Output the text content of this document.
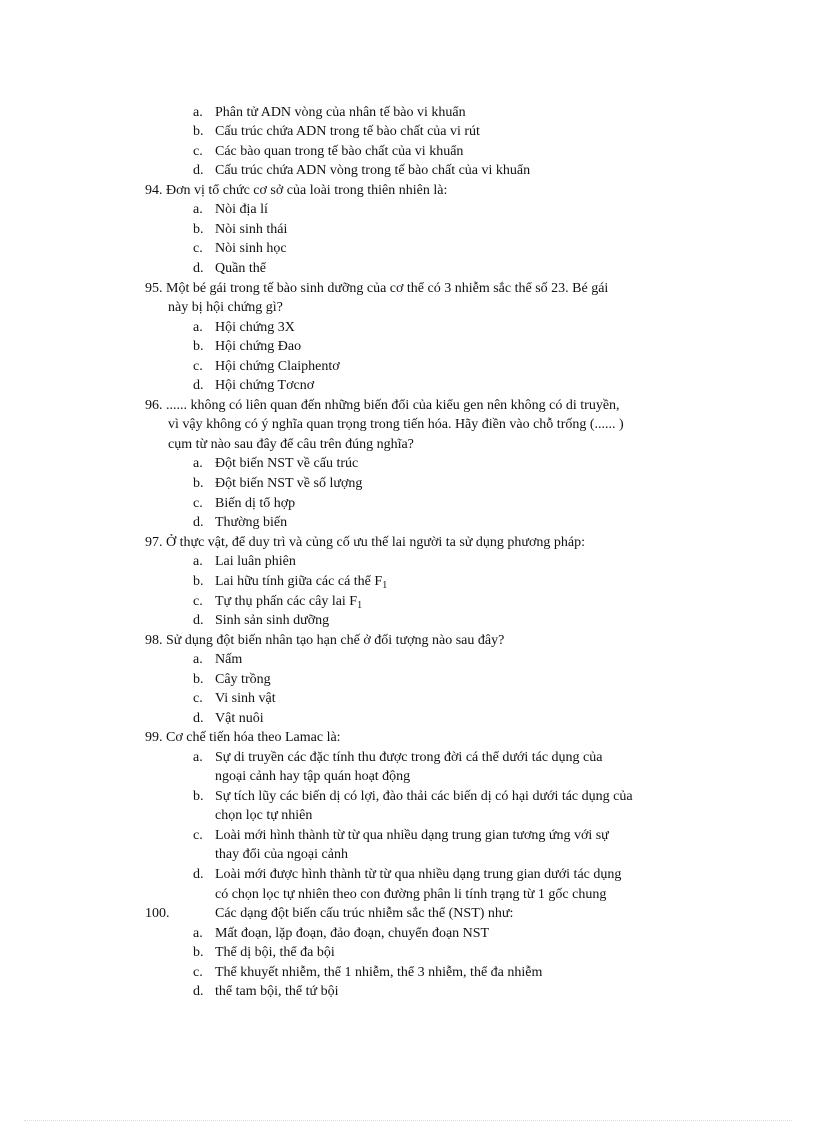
a. Phân tử ADN vòng của nhân tế bào vi khuẩn
b. Cấu trúc chứa ADN trong tế bào chất của vi rút
c. Các bào quan trong tế bào chất của vi khuẩn
d. Cấu trúc chứa ADN vòng trong tế bào chất của vi khuẩn
94. Đơn vị tổ chức cơ sở của loài trong thiên nhiên là:
a. Nòi địa lí
b. Nòi sinh thái
c. Nòi sinh học
d. Quần thể
95. Một bé gái trong tế bào sinh dưỡng của cơ thể có 3 nhiễm sắc thể số 23. Bé gái
này bị hội chứng gì?
a. Hội chứng 3X
b. Hội chứng Đao
c. Hội chứng Claiphentơ
d. Hội chứng Tơcnơ
96. ...... không có liên quan đến những biến đổi của kiểu gen nên không có di truyền,
vì vậy không có ý nghĩa quan trọng trong tiến hóa. Hãy điền vào chỗ trống (...... )
cụm từ nào sau đây để câu trên đúng nghĩa?
a. Đột biến NST về cấu trúc
b. Đột biến NST về số lượng
c. Biến dị tổ hợp
d. Thường biến
97. Ở thực vật, để duy trì và củng cố ưu thế lai người ta sử dụng phương pháp:
a. Lai luân phiên
b. Lai hữu tính giữa các cá thể $F_1$
c. Tự thụ phấn các cây lai $F_1$
d. Sinh sản sinh dưỡng
98. Sử dụng đột biến nhân tạo hạn chế ở đối tượng nào sau đây?
a. Nấm
b. Cây trồng
c. Vi sinh vật
d. Vật nuôi
99. Cơ chế tiến hóa theo Lamac là:
a. Sự di truyền các đặc tính thu được trong đời cá thể dưới tác dụng của
ngoại cảnh hay tập quán hoạt động
b. Sự tích lũy các biến dị có lợi, đào thải các biến dị có hại dưới tác dụng của
chọn lọc tự nhiên
c. Loài mới hình thành từ từ qua nhiều dạng trung gian tương ứng với sự
thay đổi của ngoại cảnh
d. Loài mới được hình thành từ từ qua nhiều dạng trung gian dưới tác dụng
có chọn lọc tự nhiên theo con đường phân li tính trạng từ 1 gốc chung
100.	Các dạng đột biến cấu trúc nhiễm sắc thể (NST) như:
a. Mất đoạn, lặp đoạn, đảo đoạn, chuyển đoạn NST
b. Thể dị bội, thể đa bội
c. Thể khuyết nhiễm, thể 1 nhiễm, thể 3 nhiễm, thể đa nhiễm
d. thể tam bội, thể tứ bội
